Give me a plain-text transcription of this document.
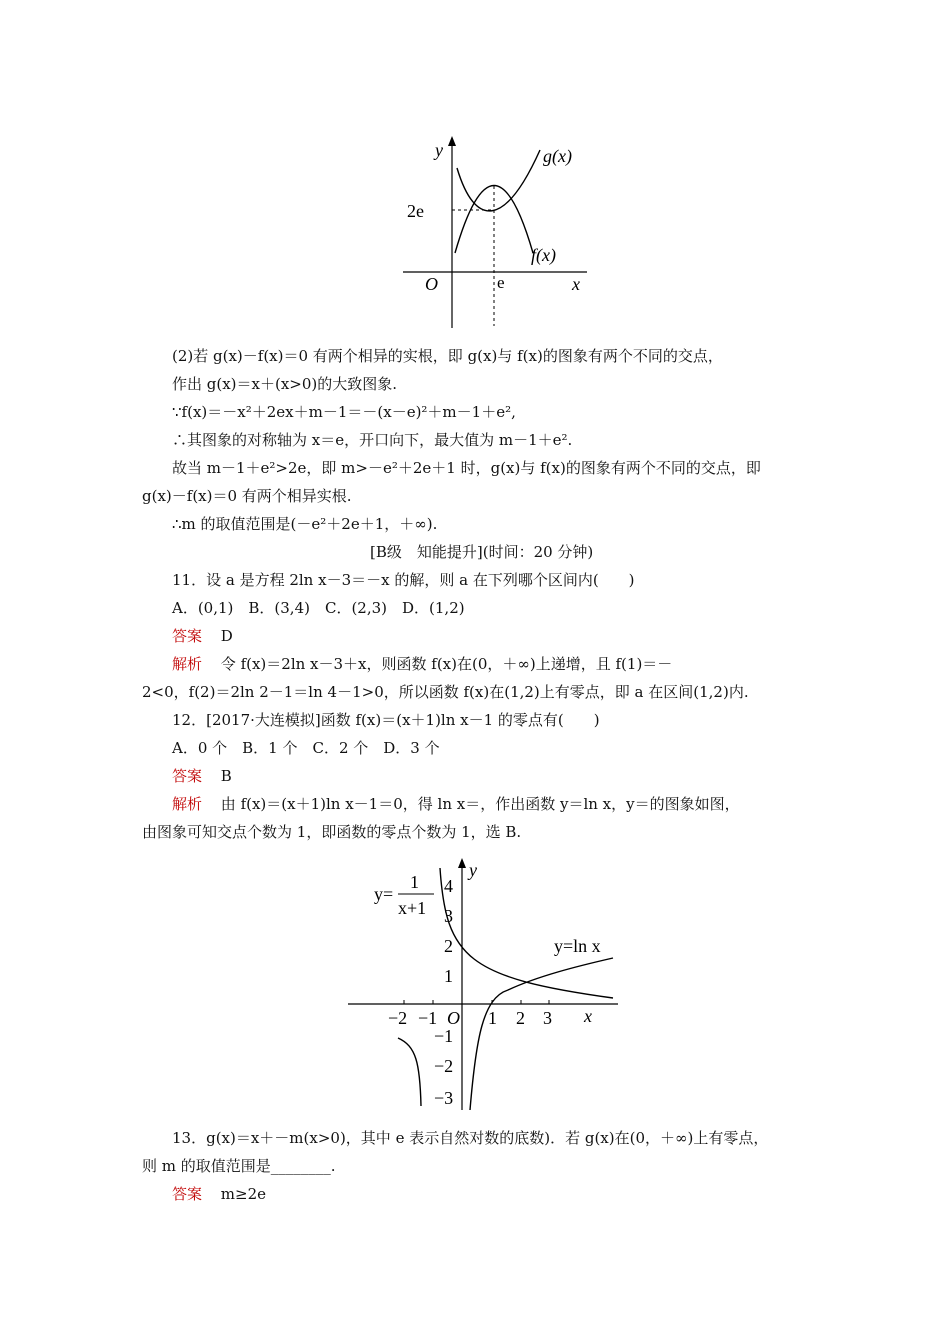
y
x
O
2e
e
g(x)
f(x)
(2)若 g(x)－f(x)＝0 有两个相异的实根，即 g(x)与 f(x)的图象有两个不同的交点，
作出 g(x)＝x＋(x>0)的大致图象.
∵f(x)＝－x²＋2ex＋m－1＝－(x－e)²＋m－1＋e²,
∴其图象的对称轴为 x＝e，开口向下，最大值为 m－1＋e².
故当 m－1＋e²>2e，即 m>－e²＋2e＋1 时，g(x)与 f(x)的图象有两个不同的交点，即
g(x)－f(x)＝0 有两个相异实根.
∴m 的取值范围是(－e²＋2e＋1，＋∞).
[B级　知能提升](时间：20 分钟)
11．设 a 是方程 2ln x－3＝－x 的解，则 a 在下列哪个区间内(　　)
A．(0,1)　B．(3,4)　C．(2,3)　D．(1,2)
答案 D
解析 令 f(x)＝2ln x－3＋x，则函数 f(x)在(0，＋∞)上递增，且 f(1)＝－
2<0，f(2)＝2ln 2－1＝ln 4－1>0，所以函数 f(x)在(1,2)上有零点，即 a 在区间(1,2)内.
12．[2017·大连模拟]函数 f(x)＝(x＋1)ln x－1 的零点有(　　)
A．0 个　B．1 个　C．2 个　D．3 个
答案 B
解析 由 f(x)＝(x＋1)ln x－1＝0，得 ln x＝，作出函数 y＝ln x，y＝的图象如图，
由图象可知交点个数为 1，即函数的零点个数为 1，选 B.
4
3
2
1
−1
−2
−3
−2 −1	1 2 3
O	x
y
y=ln x
y=
1
x+1
13．g(x)＝x＋－m(x>0)，其中 e 表示自然对数的底数)．若 g(x)在(0，＋∞)上有零点，
则 m 的取值范围是________.
答案 m≥2e
